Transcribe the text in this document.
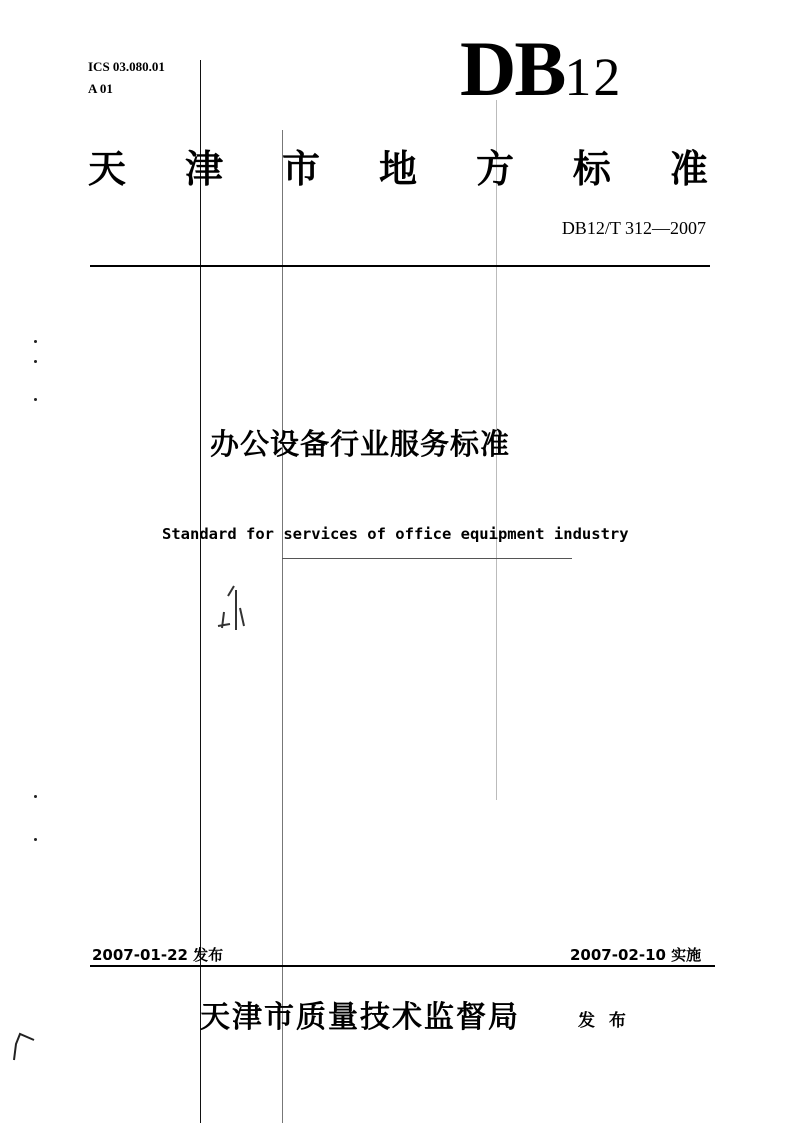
ICS 03.080.01
A 01	DB12
天 津 市 地 方 标 准
DB12/T 312—2007
办公设备行业服务标准
Standard for services of office equipment industry
2007-01-22 发布	2007-02-10 实施
天津市质量技术监督局	发 布
